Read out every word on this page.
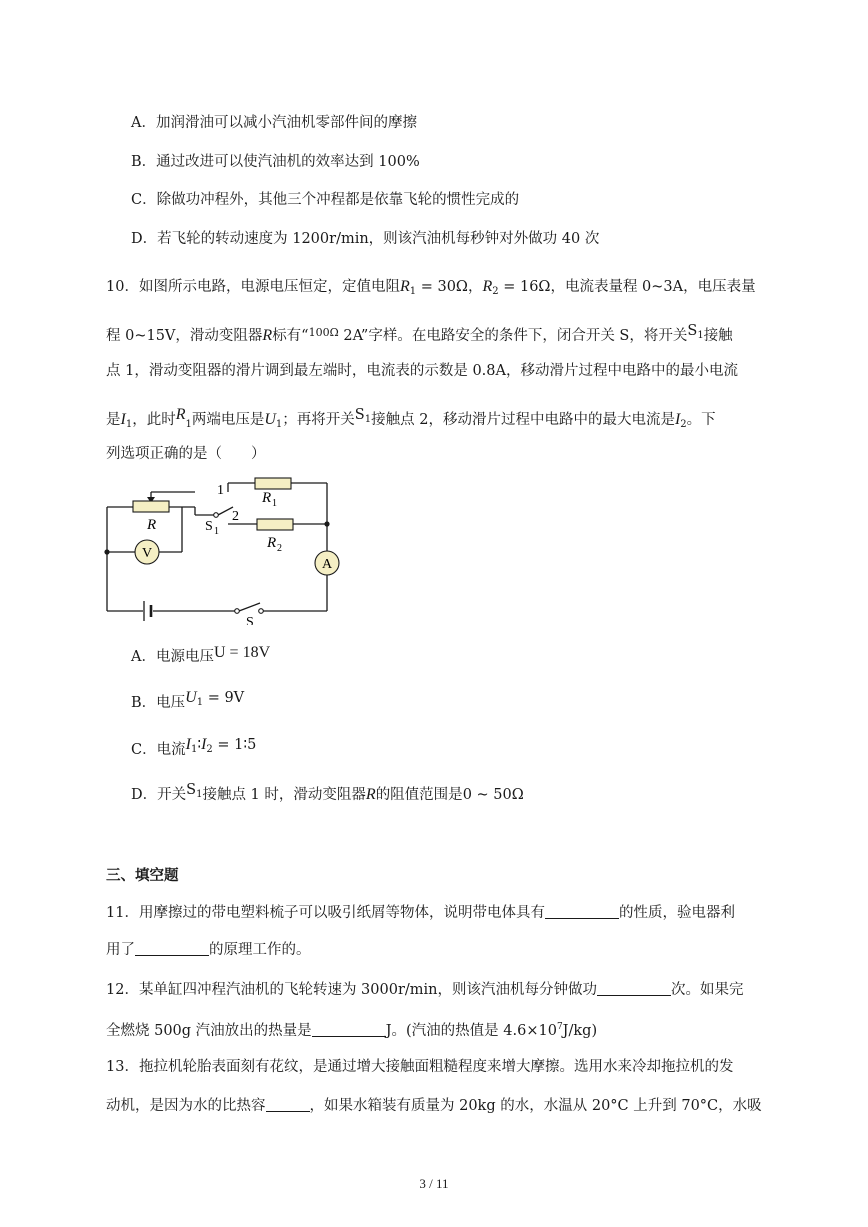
A．加润滑油可以减小汽油机零部件间的摩擦
B．通过改进可以使汽油机的效率达到 100%
C．除做功冲程外，其他三个冲程都是依靠飞轮的惯性完成的
D．若飞轮的转动速度为 1200r/min，则该汽油机每秒钟对外做功 40 次
10．如图所示电路，电源电压恒定，定值电阻$R_1 = 30\Omega$，$R_2 = 16\Omega$，电流表量程 0~3A，电压表量
程 0~15V，滑动变阻器R标有“$^{100\Omega}$ 2A”字样。在电路安全的条件下，闭合开关 S，将开关$S_1$接触
点 1，滑动变阻器的滑片调到最左端时，电流表的示数是 0.8A，移动滑片过程中电路中的最小电流
是$I_1$，此时$R_1$两端电压是$U_1$；再将开关$S_1$接触点 2，移动滑片过程中电路中的最大电流是$I_2$。下
列选项正确的是（　　）
V
A
1
2
R 1
R 2
R	S 1
S
A．电源电压U = 18V
B．电压$U_1 = 9V$
C．电流$I_1∶I_2$ = 1∶5
D．开关$S_1$接触点 1 时，滑动变阻器R的阻值范围是0 ~ 50Ω
三、填空题
11．用摩擦过的带电塑料梳子可以吸引纸屑等物体，说明带电体具有	的性质，验电器利
用了	的原理工作的。
12．某单缸四冲程汽油机的飞轮转速为 3000r/min，则该汽油机每分钟做功	次。如果完
全燃烧 500g 汽油放出的热量是	J。(汽油的热值是 $4.6\times 10^7J/kg$)
13．拖拉机轮胎表面刻有花纹，是通过增大接触面粗糙程度来增大摩擦。选用水来冷却拖拉机的发
动机，是因为水的比热容	，如果水箱装有质量为 20kg 的水，水温从 20°C 上升到 70°C，水吸
3 / 11
